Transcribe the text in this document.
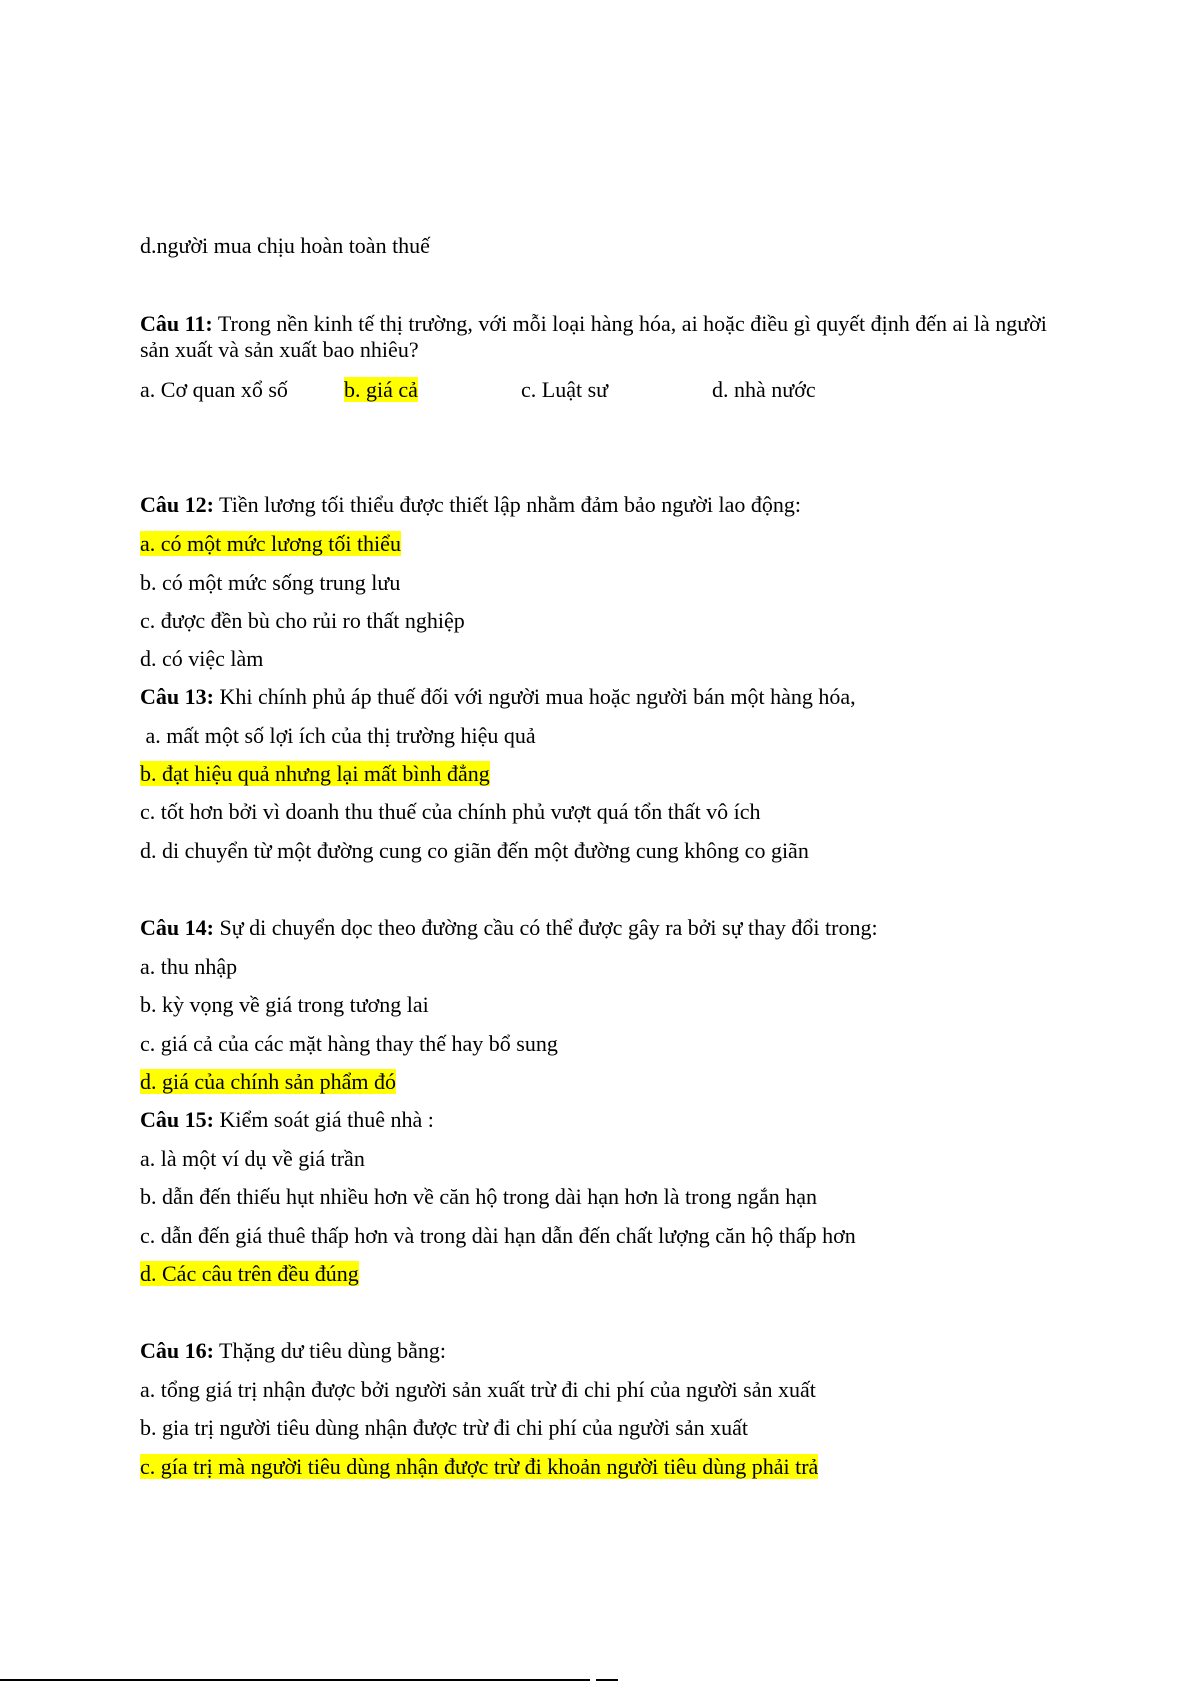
d.người mua chịu hoàn toàn thuế
Câu 11: Trong nền kinh tế thị trường, với mỗi loại hàng hóa, ai hoặc điều gì quyết định đến ai là người sản xuất và sản xuất bao nhiêu?
a. Cơ quan xổ số	b. giá cả	c. Luật sư	d. nhà nước
Câu 12: Tiền lương tối thiểu được thiết lập nhằm đảm bảo người lao động:
a. có một mức lương tối thiểu
b. có một mức sống trung lưu
c. được đền bù cho rủi ro thất nghiệp
d. có việc làm
Câu 13: Khi chính phủ áp thuế đối với người mua hoặc người bán một hàng hóa,
a. mất một số lợi ích của thị trường hiệu quả
b. đạt hiệu quả nhưng lại mất bình đẳng
c. tốt hơn bởi vì doanh thu thuế của chính phủ vượt quá tổn thất vô ích
d. di chuyển từ một đường cung co giãn đến một đường cung không co giãn
Câu 14: Sự di chuyển dọc theo đường cầu có thể được gây ra bởi sự thay đổi trong:
a. thu nhập
b. kỳ vọng về giá trong tương lai
c. giá cả của các mặt hàng thay thế hay bổ sung
d. giá của chính sản phẩm đó
Câu 15: Kiểm soát giá thuê nhà :
a. là một ví dụ về giá trần
b. dẫn đến thiếu hụt nhiều hơn về căn hộ trong dài hạn hơn là trong ngắn hạn
c. dẫn đến giá thuê thấp hơn và trong dài hạn dẫn đến chất lượng căn hộ thấp hơn
d. Các câu trên đều đúng
Câu 16: Thặng dư tiêu dùng bằng:
a. tổng giá trị nhận được bởi người sản xuất trừ đi chi phí của người sản xuất
b. gia trị người tiêu dùng nhận được trừ đi chi phí của người sản xuất
c. gía trị mà người tiêu dùng nhận được trừ đi khoản người tiêu dùng phải trả
